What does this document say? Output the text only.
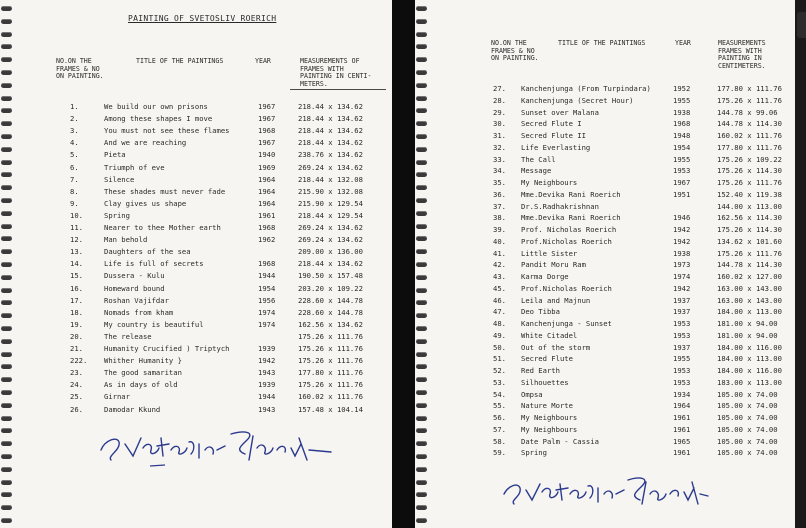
PAINTING OF SVETOSLIV ROERICH
NO.ON THE
FRAMES & NO
ON PAINTING.
TITLE OF THE PAINTINGS	YEAR	MEASUREMENTS OF
FRAMES WITH
PAINTING IN CENTI-
METERS.
1.	We build our own prisons	1967	218.44 x 134.62
2.	Among these shapes I move	1967	218.44 x 134.62
3.	You must not see these flames	1968	218.44 x 134.62
4.	And we are reaching	1967	218.44 x 134.62
5.	Pieta	1940	238.76 x 134.62
6.	Triumph of eve	1969	269.24 x 134.62
7.	Silence	1964	218.44 x 132.08
8.	These shades must never fade	1964	215.90 x 132.08
9.	Clay gives us shape	1964	215.90 x 129.54
10.	Spring	1961	218.44 x 129.54
11.	Nearer to thee Mother earth	1968	269.24 x 134.62
12.	Man behold	1962	269.24 x 134.62
13.	Daughters of the sea	209.00 x 136.00
14.	Life is full of secrets	1968	218.44 x 134.62
15.	Dussera - Kulu	1944	190.50 x 157.48
16.	Homeward bound	1954	203.20 x 109.22
17.	Roshan Vajifdar	1956	228.60 x 144.78
18.	Nomads from kham	1974	228.60 x 144.78
19.	My country is beautiful	1974	162.56 x 134.62
20.	The release	175.26 x 111.76
21.	Humanity Crucified ) Triptych	1939	175.26 x 111.76
222. Whither Humanity }	1942	175.26 x 111.76
23.	The good samaritan	1943	177.80 x 111.76
24.	As in days of old	1939	175.26 x 111.76
25.	Girnar	1944	160.02 x 111.76
26.	Damodar Kkund	1943	157.48 x 104.14
NO.ON THE
FRAMES & NO
ON PAINTING.
TITLE OF THE PAINTINGS	YEAR	MEASUREMENTS
FRAMES WITH
PAINTING IN
CENTIMETERS.
27. Kanchenjunga (From Turpindara)	1952	177.80 x 111.76
28. Kanchenjunga (Secret Hour)	1955	175.26 x 111.76
29. Sunset over Malana	1938	144.78 x 99.06
30. Secred Flute I	1968	144.78 x 114.30
31. Secred Flute II	1948	160.02 x 111.76
32. Life Everlasting	1954	177.80 x 111.76
33. The Call	1955	175.26 x 109.22
34. Message	1953	175.26 x 114.30
35. My Neighbours	1967	175.26 x 111.76
36. Mme.Devika Rani Roerich	1951	152.40 x 119.38
37. Dr.S.Radhakrishnan	144.00 x 113.00
38. Mme.Devika Rani Roerich	1946	162.56 x 114.30
39. Prof. Nicholas Roerich	1942	175.26 x 114.30
40. Prof.Nicholas Roerich	1942	134.62 x 101.60
41. Little Sister	1938	175.26 x 111.76
42. Pandit Moru Ram	1973	144.78 x 114.30
43. Karma Dorge	1974	160.02 x 127.00
45. Prof.Nicholas Roerich	1942	163.00 x 143.00
46. Leila and Majnun	1937	163.00 x 143.00
47. Deo Tibba	1937	184.00 x 113.00
48. Kanchenjunga - Sunset	1953	181.00 x 94.00
49. White Citadel	1953	181.00 x 94.00
50. Out of the storm	1937	184.00 x 116.00
51. Secred Flute	1955	184.00 x 113.00
52. Red Earth	1953	184.00 x 116.00
53. Silhouettes	1953	183.00 x 113.00
54. Ompsa	1934	105.00 x 74.00
55. Nature Morte	1964	105.00 x 74.00
56. My Neighbours	1961	105.00 x 74.00
57. My Neighbours	1961	105.00 x 74.00
58. Date Palm - Cassia	1965	105.00 x 74.00
59. Spring	1961	105.00 x 74.00
